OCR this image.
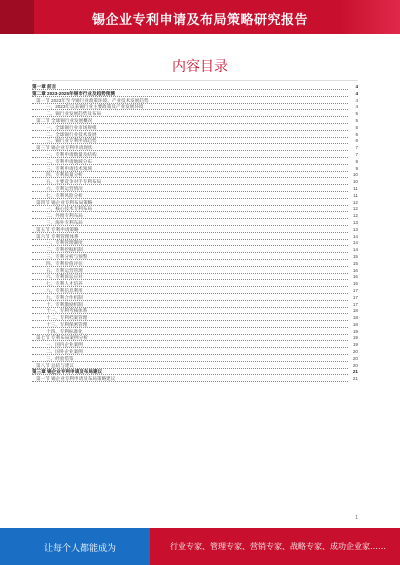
锡企业专利申请及布局策略研究报告
内容目录
第一章 前言	4
第二章 2023-2025年锡市行业及趋势预测	4
第一节 2023年至今锡行业政策环境、产业技术发展趋势	4
一、2023年以来锡行业主要政策及产业发展环境	4
二、锡行业发展趋势及布局	5
第二节 全球锡行业发展概况	5
一、全球锡行业市场规模	5
二、全球锡行业技术发展	6
三、锡行业专利申请趋势	6
第三节 锡企业专利申请现状	7
一、专利申请数量及结构	7
二、专利申请地域分布	8
三、专利申请技术领域	9
四、专利质量分析	10
五、主要竞争对手专利布局	10
六、专利运营情况	11
七、专利风险分析	11
第四节 锡企业专利布局策略	12
一、核心技术专利布局	12
二、外围专利布局	12
三、海外专利布局	13
第五节 专利申请策略	13
第六节 专利管理体系	14
一、专利管理制度	14
二、专利挖掘机制	14
三、专利分析与预警	15
四、专利价值评估	15
五、专利运营管理	16
六、专利诉讼应对	16
七、专利人才培养	16
八、专利信息利用	17
九、专利合作机制	17
十、专利激励机制	17
十一、专利考核体系	18
十二、专利档案管理	18
十三、专利保密管理	18
十四、专利标准化	19
第七节 专利布局案例分析	19
一、国内企业案例	19
二、国外企业案例	20
三、经验借鉴	20
第八节 总结与建议	20
第三章 锡企业专利申请及布局建议	21
第一节 锡企业专利申请及布局策略建议	21
1
让每个人都能成为	行业专家、管理专家、营销专家、战略专家、成功企业家……
